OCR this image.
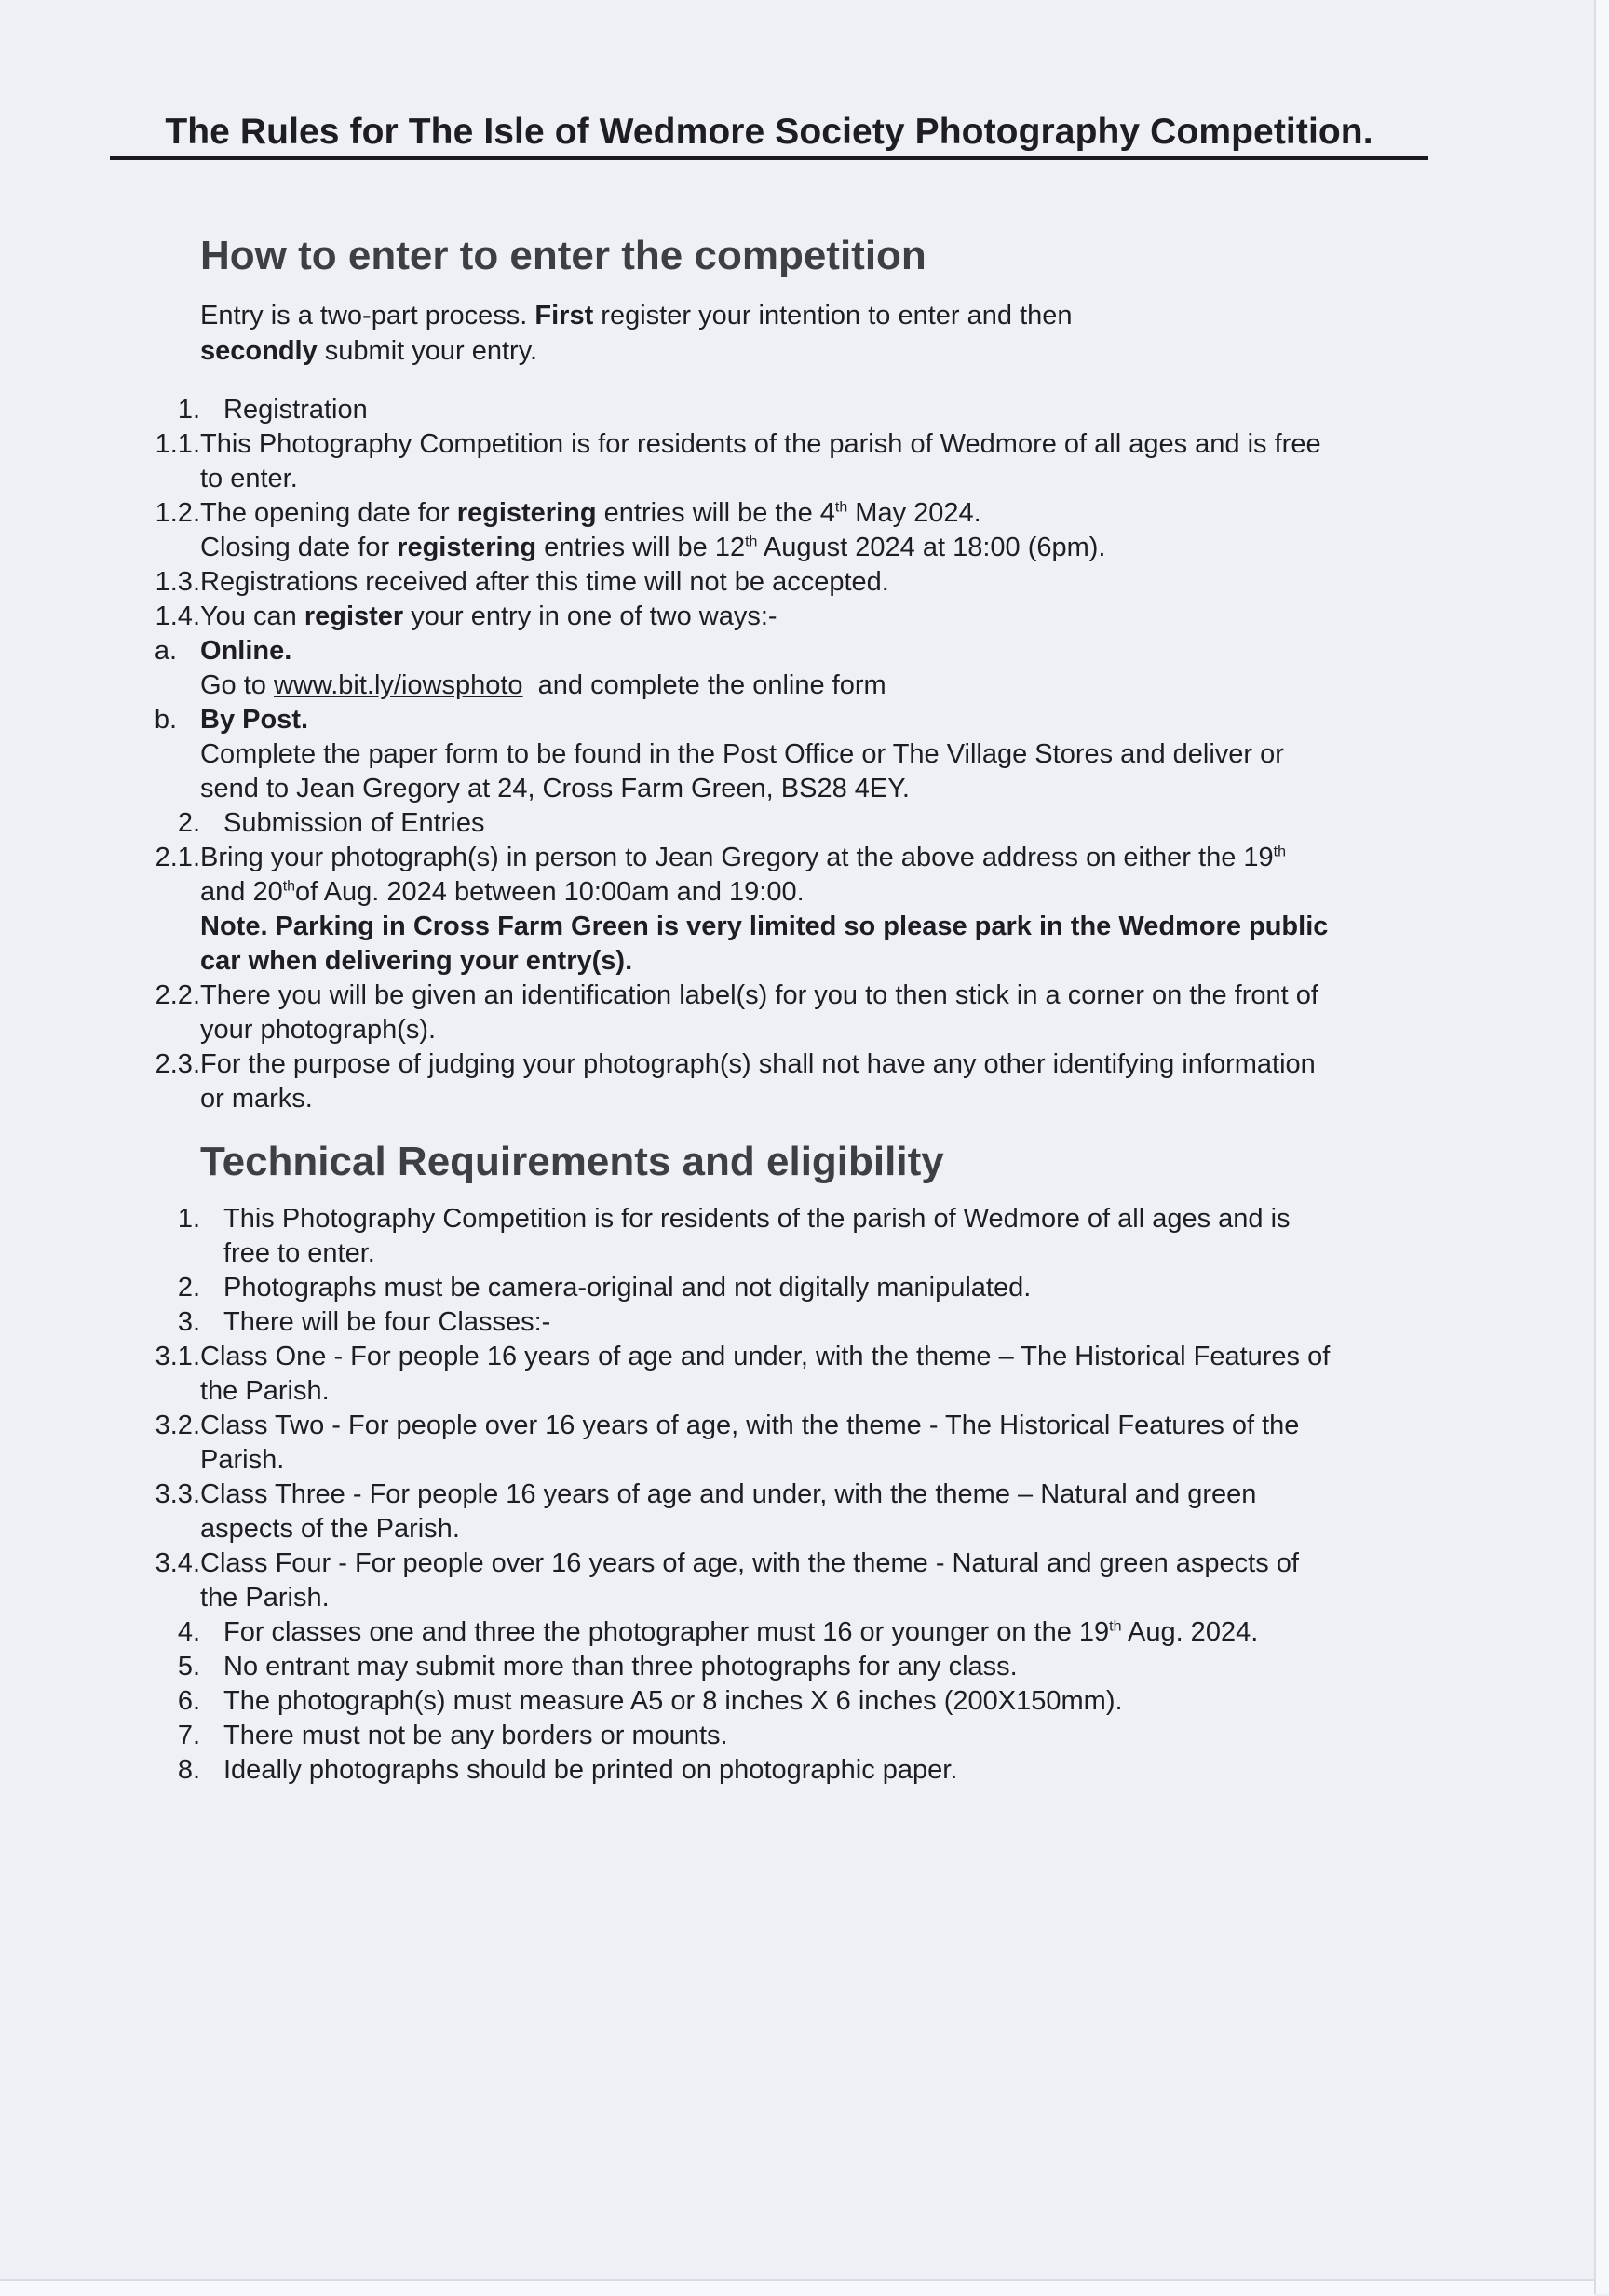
The Rules for The Isle of Wedmore Society Photography Competition.
How to enter to enter the competition
Entry is a two-part process. First register your intention to enter and then
secondly submit your entry.
1. Registration
1.1. This Photography Competition is for residents of the parish of Wedmore of all ages and is free to enter.
1.2. The opening date for registering entries will be the 4th May 2024.
Closing date for registering entries will be 12th August 2024 at 18:00 (6pm).
1.3. Registrations received after this time will not be accepted.
1.4. You can register your entry in one of two ways:-
a. Online.
Go to www.bit.ly/iowsphoto  and complete the online form
b. By Post.
Complete the paper form to be found in the Post Office or The Village Stores and deliver or send to Jean Gregory at 24, Cross Farm Green, BS28 4EY.
2. Submission of Entries
2.1. Bring your photograph(s) in person to Jean Gregory at the above address on either the 19th and 20thof Aug. 2024 between 10:00am and 19:00.
Note. Parking in Cross Farm Green is very limited so please park in the Wedmore public car when delivering your entry(s).
2.2. There you will be given an identification label(s) for you to then stick in a corner on the front of your photograph(s).
2.3. For the purpose of judging your photograph(s) shall not have any other identifying information or marks.
Technical Requirements and eligibility
1. This Photography Competition is for residents of the parish of Wedmore of all ages and is free to enter.
2. Photographs must be camera-original and not digitally manipulated.
3. There will be four Classes:-
3.1. Class One - For people 16 years of age and under, with the theme – The Historical Features of the Parish.
3.2. Class Two - For people over 16 years of age, with the theme - The Historical Features of the Parish.
3.3. Class Three - For people 16 years of age and under, with the theme – Natural and green aspects of the Parish.
3.4. Class Four - For people over 16 years of age, with the theme - Natural and green aspects of the Parish.
4. For classes one and three the photographer must 16 or younger on the 19th Aug. 2024.
5. No entrant may submit more than three photographs for any class.
6. The photograph(s) must measure A5 or 8 inches X 6 inches (200X150mm).
7. There must not be any borders or mounts.
8. Ideally photographs should be printed on photographic paper.
